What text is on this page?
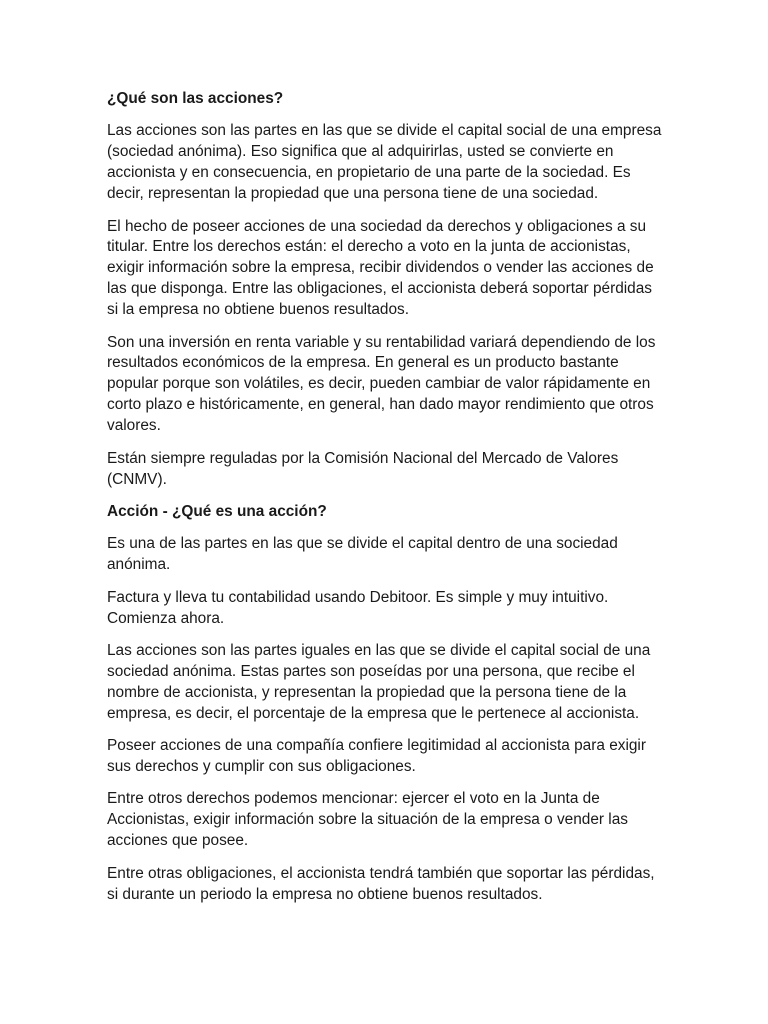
¿Qué son las acciones?
Las acciones son las partes en las que se divide el capital social de una empresa (sociedad anónima). Eso significa que al adquirirlas, usted se convierte en accionista y en consecuencia, en propietario de una parte de la sociedad. Es decir, representan la propiedad que una persona tiene de una sociedad.
El hecho de poseer acciones de una sociedad da derechos y obligaciones a su titular. Entre los derechos están: el derecho a voto en la junta de accionistas, exigir información sobre la empresa, recibir dividendos o vender las acciones de las que disponga. Entre las obligaciones, el accionista deberá soportar pérdidas si la empresa no obtiene buenos resultados.
Son una inversión en renta variable y su rentabilidad variará dependiendo de los resultados económicos de la empresa. En general es un producto bastante popular porque son volátiles, es decir, pueden cambiar de valor rápidamente en corto plazo e históricamente, en general, han dado mayor rendimiento que otros valores.
Están siempre reguladas por la Comisión Nacional del Mercado de Valores (CNMV).
Acción - ¿Qué es una acción?
Es una de las partes en las que se divide el capital dentro de una sociedad anónima.
Factura y lleva tu contabilidad usando Debitoor. Es simple y muy intuitivo. Comienza ahora.
Las acciones son las partes iguales en las que se divide el capital social de una sociedad anónima. Estas partes son poseídas por una persona, que recibe el nombre de accionista, y representan la propiedad que la persona tiene de la empresa, es decir, el porcentaje de la empresa que le pertenece al accionista.
Poseer acciones de una compañía confiere legitimidad al accionista para exigir sus derechos y cumplir con sus obligaciones.
Entre otros derechos podemos mencionar: ejercer el voto en la Junta de Accionistas, exigir información sobre la situación de la empresa o vender las acciones que posee.
Entre otras obligaciones, el accionista tendrá también que soportar las pérdidas, si durante un periodo la empresa no obtiene buenos resultados.
